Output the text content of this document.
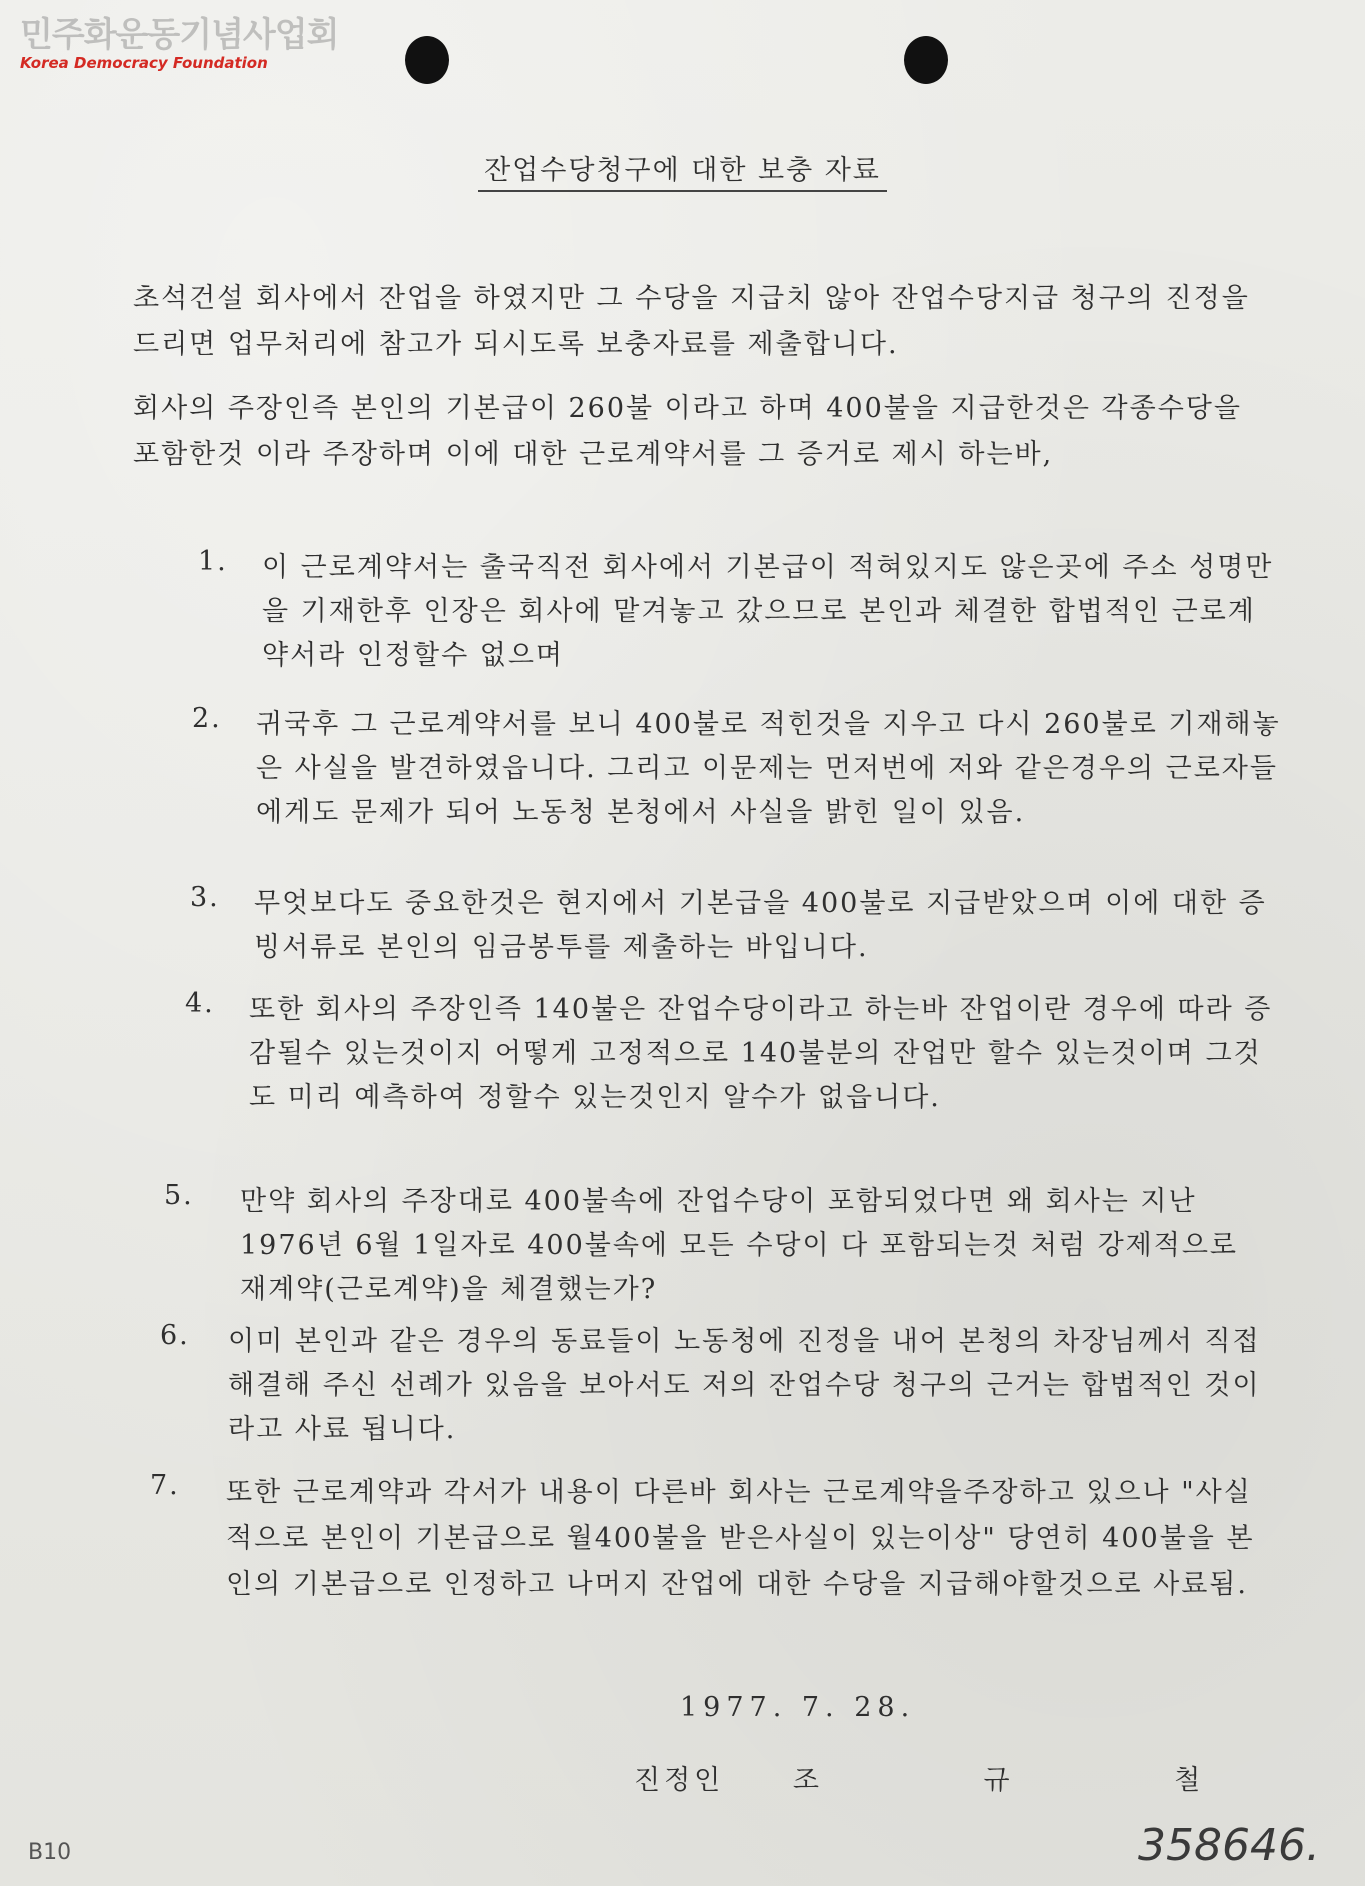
민주화운동기념사업회
Korea Democracy Foundation
잔업수당청구에 대한 보충 자료

초석건설 회사에서 잔업을 하였지만 그 수당을 지급치 않아 잔업수당지급 청구의 진정을 드리면 업무처리에 참고가 되시도록 보충자료를 제출합니다.

회사의 주장인즉 본인의 기본급이 260불 이라고 하며 400불을 지급한것은 각종수당을 포함한것 이라 주장하며 이에 대한 근로계약서를 그 증거로 제시 하는바,

1. 이 근로계약서는 출국직전 회사에서 기본급이 적혀있지도 않은곳에 주소 성명만을 기재한후 인장은 회사에 맡겨놓고 갔으므로 본인과 체결한 합법적인 근로계약서라 인정할수 없으며
2. 귀국후 그 근로계약서를 보니 400불로 적힌것을 지우고 다시 260불로 기재해놓은 사실을 발견하였읍니다. 그리고 이문제는 먼저번에 저와 같은경우의 근로자들에게도 문제가 되어 노동청 본청에서 사실을 밝힌 일이 있음.
3. 무엇보다도 중요한것은 현지에서 기본급을 400불로 지급받았으며 이에 대한 증빙서류로 본인의 임금봉투를 제출하는 바입니다.
4. 또한 회사의 주장인즉 140불은 잔업수당이라고 하는바 잔업이란 경우에 따라 증감될수 있는것이지 어떻게 고정적으로 140불분의 잔업만 할수 있는것이며 그것도 미리 예측하여 정할수 있는것인지 알수가 없읍니다.
5. 만약 회사의 주장대로 400불속에 잔업수당이 포함되었다면 왜 회사는 지난 1976년 6월 1일자로 400불속에 모든 수당이 다 포함되는것 처럼 강제적으로 재계약(근로계약)을 체결했는가?
6. 이미 본인과 같은 경우의 동료들이 노동청에 진정을 내어 본청의 차장님께서 직접 해결해 주신 선례가 있음을 보아서도 저의 잔업수당 청구의 근거는 합법적인 것이라고 사료 됩니다.
7. 또한 근로계약과 각서가 내용이 다른바 회사는 근로계약을주장하고 있으나 "사실적으로 본인이 기본급으로 월400불을 받은사실이 있는이상" 당연히 400불을 본인의 기본급으로 인정하고 나머지 잔업에 대한 수당을 지급해야할것으로 사료됨.
1977. 7. 28.
진정인	조 규 철
B10	358646.
